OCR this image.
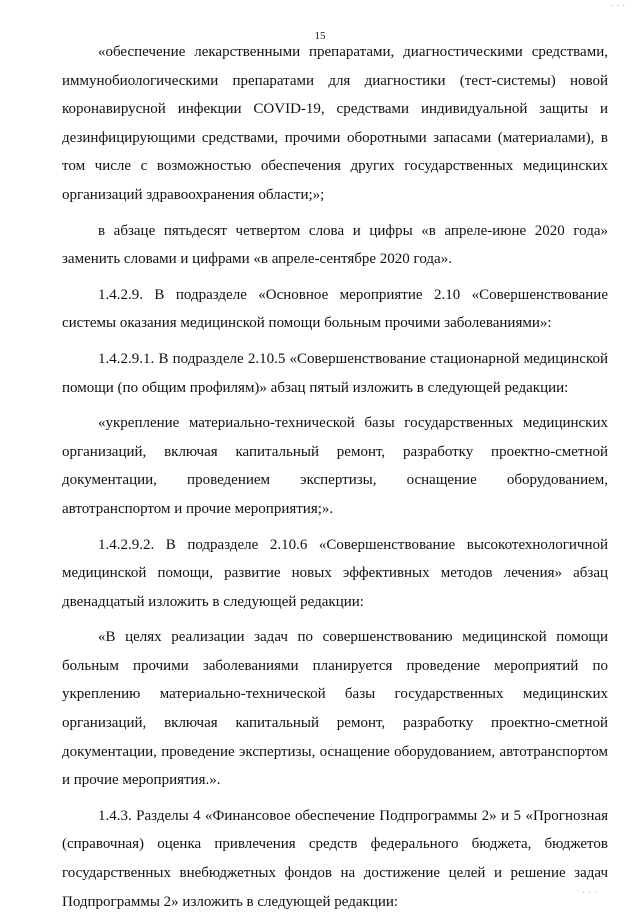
· · ·
15

«обеспечение лекарственными препаратами, диагностическими средствами, иммунобиологическими препаратами для диагностики (тест-системы) новой коронавирусной инфекции COVID-19, средствами индивидуальной защиты и дезинфицирующими средствами, прочими оборотными запасами (материалами), в том числе с возможностью обеспечения других государственных медицинских организаций здравоохранения области;»;

в абзаце пятьдесят четвертом слова и цифры «в апреле-июне 2020 года» заменить словами и цифрами «в апреле-сентябре 2020 года».

1.4.2.9. В подразделе «Основное мероприятие 2.10 «Совершенствование системы оказания медицинской помощи больным прочими заболеваниями»:

1.4.2.9.1. В подразделе 2.10.5 «Совершенствование стационарной медицинской помощи (по общим профилям)» абзац пятый изложить в следующей редакции:

«укрепление материально-технической базы государственных медицинских организаций, включая капитальный ремонт, разработку проектно-сметной документации, проведением экспертизы, оснащение оборудованием, автотранспортом и прочие мероприятия;».

1.4.2.9.2. В подразделе 2.10.6 «Совершенствование высокотехнологичной медицинской помощи, развитие новых эффективных методов лечения» абзац двенадцатый изложить в следующей редакции:

«В целях реализации задач по совершенствованию медицинской помощи больным прочими заболеваниями планируется проведение мероприятий по укреплению материально-технической базы государственных медицинских организаций, включая капитальный ремонт, разработку проектно-сметной документации, проведение экспертизы, оснащение оборудованием, автотранспортом и прочие мероприятия.».

1.4.3. Разделы 4 «Финансовое обеспечение Подпрограммы 2» и 5 «Прогнозная (справочная) оценка привлечения средств федерального бюджета, бюджетов государственных внебюджетных фондов на достижение целей и решение задач Подпрограммы 2» изложить в следующей редакции:

· · ·
